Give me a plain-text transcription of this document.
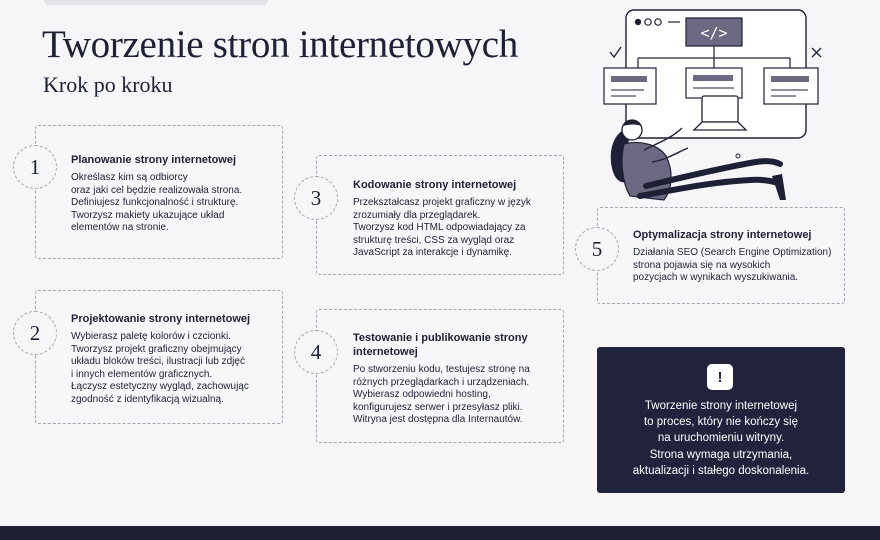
Tworzenie stron internetowych
Krok po kroku

Planowanie strony internetowej

Określasz kim są odbiorcy
oraz jaki cel będzie realizowała strona.
Definiujesz funkcjonalność i strukturę.
Tworzysz makiety ukazujące układ
elementów na stronie.

1

Projektowanie strony internetowej

Wybierasz paletę kolorów i czcionki.
Tworzysz projekt graficzny obejmujący
układu bloków treści, ilustracji lub zdjęć
i innych elementów graficznych.
Łączysz estetyczny wygląd, zachowując
zgodność z identyfikacją wizualną.

2

Kodowanie strony internetowej

Przekształcasz projekt graficzny w język
zrozumiały dla przeglądarek.
Tworzysz kod HTML odpowiadający za
strukturę treści, CSS za wygląd oraz
JavaScript za interakcje i dynamikę.

3

Testowanie i publikowanie strony
internetowej

Po stworzeniu kodu, testujesz stronę na
różnych przeglądarkach i urządzeniach.
Wybierasz odpowiedni hosting,
konfigurujesz serwer i przesyłasz pliki.
Witryna jest dostępna dla Internautów.

4

Optymalizacja strony internetowej

Działania SEO (Search Engine Optimization)
strona pojawia się na wysokich
pozycjach w wynikach wyszukiwania.

5
!
Tworzenie strony internetowej
to proces, który nie kończy się
na uruchomieniu witryny.
Strona wymaga utrzymania,
aktualizacji i stałego doskonalenia.
</>
